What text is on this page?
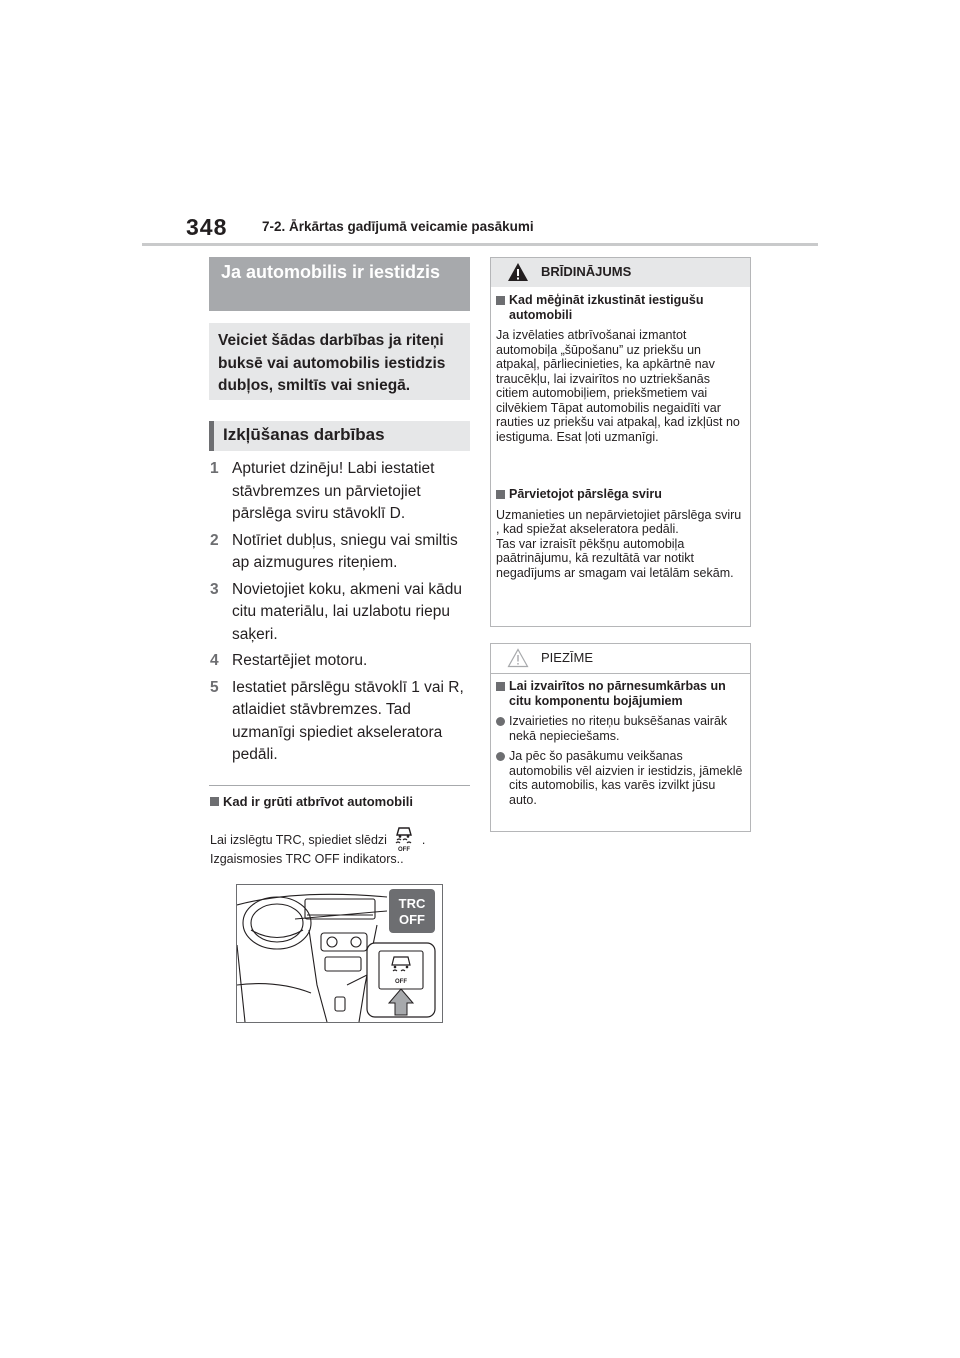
348	7-2. Ārkārtas gadījumā veicamie pasākumi
Ja automobilis ir iestidzis
Veiciet šādas darbības ja riteņi buksē vai automobilis iestidzis dubļos, smiltīs vai sniegā.
Izkļūšanas darbības
1 Apturiet dzinēju! Labi iestatiet stāvbremzes un pārvietojiet pārslēga sviru stāvoklī D.
2 Notīriet dubļus, sniegu vai smiltis ap aizmugures riteņiem.
3 Novietojiet koku, akmeni vai kādu citu materiālu, lai uzlabotu riepu saķeri.
4 Restartējiet motoru.
5 Iestatiet pārslēgu stāvoklī 1 vai R, atlaidiet stāvbremzes. Tad uzmanīgi spiediet akseleratora pedāli.
Kad ir grūti atbrīvot automobili
Lai izslēgtu TRC, spiediet slēdzi
OFF
.
Izgaismosies TRC OFF indikators..
TRC
OFF
OFF
BRĪDINĀJUMS
Kad mēģināt izkustināt iestigušu automobili
Ja izvēlaties atbrīvošanai izmantot automobiļa „šūpošanu” uz priekšu un atpakaļ, pārliecinieties, ka apkārtnē nav traucēkļu, lai izvairītos no uztriekšanās citiem automobiļiem, priekšmetiem vai cilvēkiem Tāpat automobilis negaidīti var rauties uz priekšu vai atpakaļ, kad izkļūst no iestiguma. Esat ļoti uzmanīgi.
Pārvietojot pārslēga sviru
Uzmanieties un nepārvietojiet pārslēga sviru , kad spiežat akseleratora pedāli.
Tas var izraisīt pēkšņu automobiļa paātrinājumu, kā rezultātā var notikt negadījums ar smagam vai letālām sekām.
PIEZĪME
Lai izvairītos no pārnesumkārbas un citu komponentu bojājumiem
Izvairieties no riteņu buksēšanas vairāk nekā nepieciešams.
Ja pēc šo pasākumu veikšanas automobilis vēl aizvien ir iestidzis, jāmeklē cits automobilis, kas varēs izvilkt jūsu auto.
